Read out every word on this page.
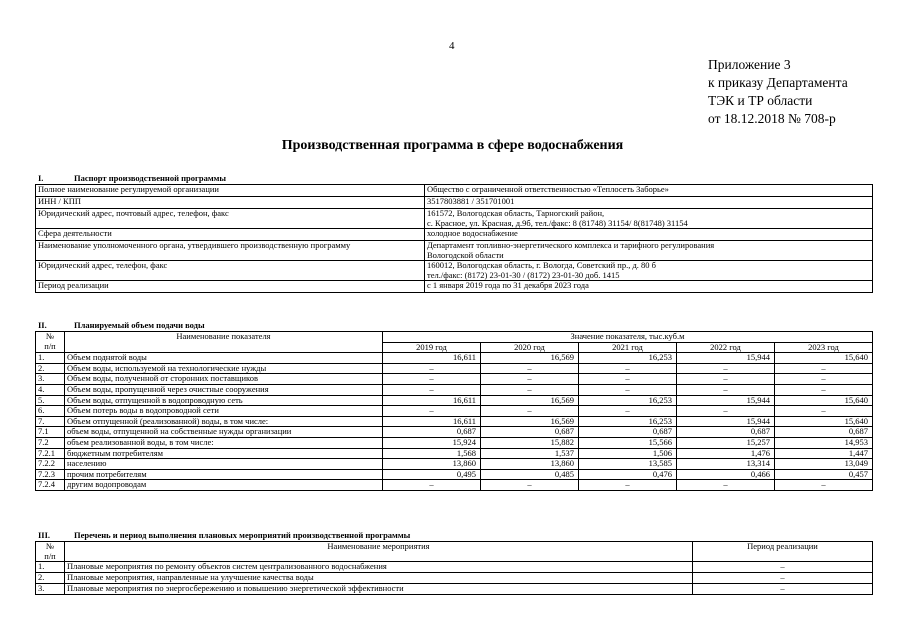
4
Приложение 3
к приказу Департамента
ТЭК и ТР области
от 18.12.2018 № 708-р
Производственная программа в сфере водоснабжения
I.	Паспорт производственной программы
Полное наименование регулируемой организации	Общество с ограниченной ответственностью «Теплосеть Заборье»
ИНН / КПП	3517803881 / 351701001
Юридический адрес, почтовый адрес, телефон, факс	161572, Вологодская область, Тарногский район,
с. Красное, ул. Красная, д.9б, тел./факс: 8 (81748) 31154/ 8(81748) 31154

Сфера деятельности	холодное водоснабжение
Наименование уполномоченного органа, утвердившего производственную программу	Департамент топливно-энергетического комплекса и тарифного регулирования
Вологодской области

Юридический адрес, телефон, факс	160012, Вологодская область, г. Вологда, Советский пр., д. 80 б
тел./факс: (8172) 23-01-30 / (8172) 23-01-30 доб. 1415

Период реализации	с 1 января 2019 года по 31 декабря 2023 года
II.	Планируемый объем подачи воды
№
п/п	Наименование показателя	Значение показателя, тыс.куб.м				
		2019 год	2020 год	2021 год	2022 год	2023 год
1.	Объем поднятой воды	16,611	16,569	16,253	15,944	15,640
2.	Объем воды, используемой на технологические нужды	–	–	–	–	–
3.	Объем воды, полученной от сторонних поставщиков	–	–	–	–	–
4.	Объем воды, пропущенной через очистные сооружения	–	–	–	–	–
5.	Объем воды, отпущенной в водопроводную сеть	16,611	16,569	16,253	15,944	15,640
6.	Объем потерь воды в водопроводной сети	–	–	–	–	–
7.	Объем отпущенной (реализованной) воды, в том числе:	16,611	16,569	16,253	15,944	15,640
7.1	объем воды, отпущенной на собственные нужды организации	0,687	0,687	0,687	0,687	0,687
7.2	объем реализованной воды, в том числе:	15,924	15,882	15,566	15,257	14,953
7.2.1	бюджетным потребителям	1,568	1,537	1,506	1,476	1,447
7.2.2	населению	13,860	13,860	13,585	13,314	13,049
7.2.3	прочим потребителям	0,495	0,485	0,476	0,466	0,457
7.2.4	другим водопроводам	–	–	–	–	–
III.	Перечень и период выполнения плановых мероприятий производственной программы
№
п/п	Наименование мероприятия	Период реализации
1.	Плановые мероприятия по ремонту объектов систем централизованного водоснабжения	–
2.	Плановые мероприятия, направленные на улучшение качества воды	–
3.	Плановые мероприятия по энергосбережению и повышению энергетической эффективности	–
